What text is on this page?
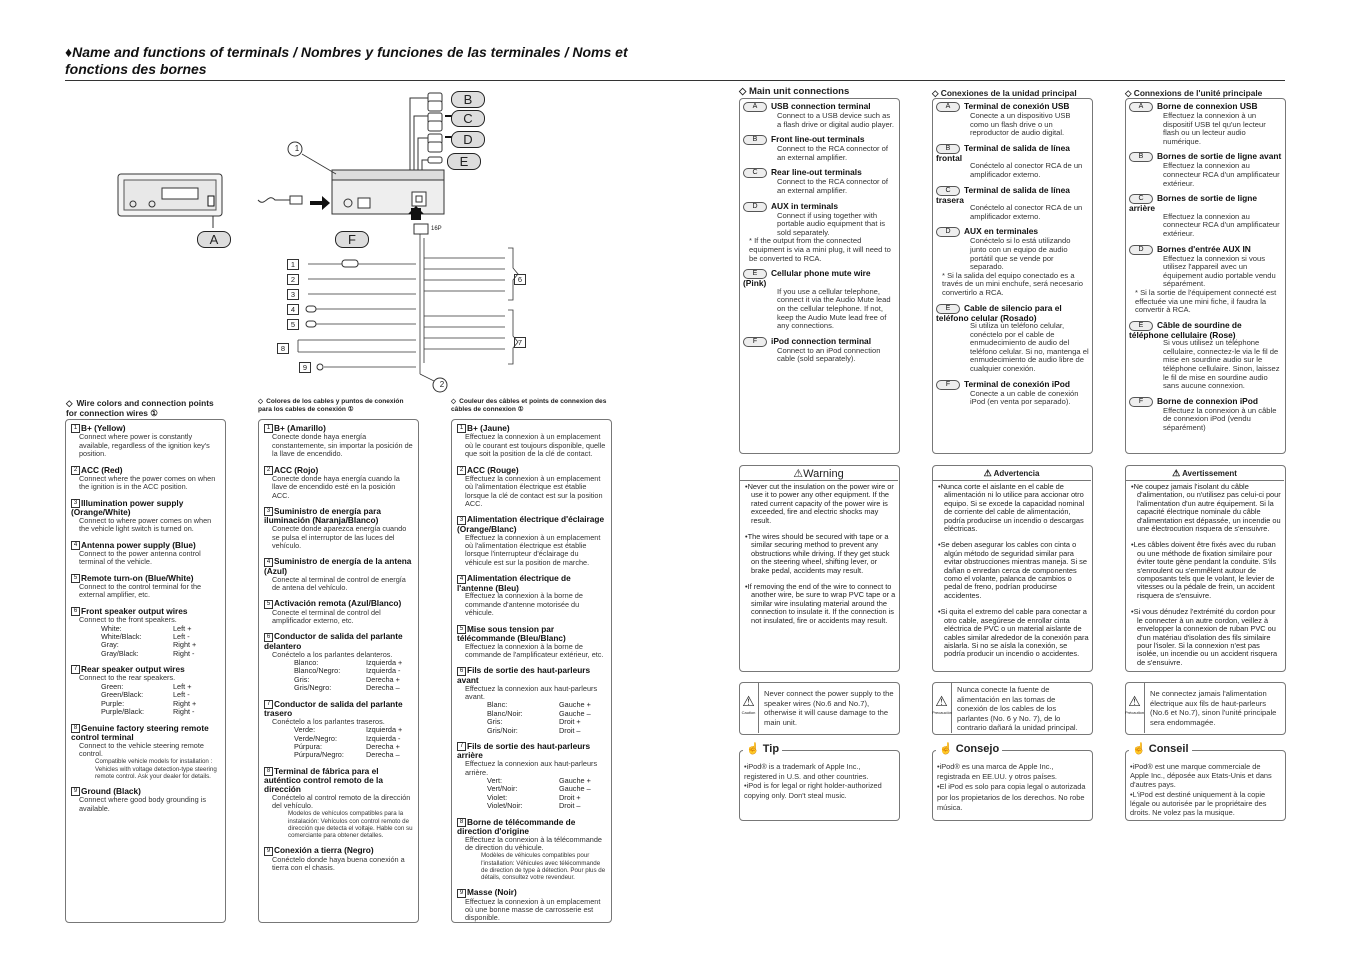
♦Name and functions of terminals / Nombres y funciones de las terminales / Noms et fonctions des bornes
A
B
C
D
E
F
1
2
16P
1
2
3
4
5
6
7
8
9
◇ Wire colors and connection points for connection wires ①
◇ Colores de los cables y puntos de conexión para los cables de conexión ①
◇ Couleur des câbles et points de connexion des câbles de connexion ①
1 B+ (Yellow)
Connect where power is constantly available, regardless of the ignition key's position.
2 ACC (Red)
Connect where the power comes on when the ignition is in the ACC position.
3 Illumination power supply (Orange/White)
Connect to where power comes on when the vehicle light switch is turned on.
4 Antenna power supply (Blue)
Connect to the power antenna control terminal of the vehicle.
5 Remote turn-on (Blue/White)
Connect to the control terminal for the external amplifier, etc.
6 Front speaker output wires
Connect to the front speakers.
White:	Left +
White/Black:	Left -
Gray:	Right +
Gray/Black:	Right -
7 Rear speaker output wires
Connect to the rear speakers.
Green:	Left +
Green/Black:	Left -
Purple:	Right +
Purple/Black:	Right -
8 Genuine factory steering remote control terminal
Connect to the vehicle steering remote control.
Compatible vehicle models for installation : Vehicles with voltage detection-type steering remote control. Ask your dealer for details.
9 Ground (Black)
Connect where good body grounding is available.
1 B+ (Amarillo)
Conecte donde haya energía constantemente, sin importar la posición de la llave de encendido.
2 ACC (Rojo)
Conecte donde haya energía cuando la llave de encendido esté en la posición ACC.
3 Suministro de energía para iluminación (Naranja/Blanco)
Conecte donde aparezca energía cuando se pulsa el interruptor de las luces del vehículo.
4 Suministro de energía de la antena (Azul)
Conecte al terminal de control de energía de antena del vehículo.
5 Activación remota (Azul/Blanco)
Conecte el terminal de control del amplificador externo, etc.
6 Conductor de salida del parlante delantero
Conéctelo a los parlantes delanteros.
Blanco:	Izquierda +
Blanco/Negro:	Izquierda -
Gris:	Derecha +
Gris/Negro:	Derecha –
7 Conductor de salida del parlante trasero
Conéctelo a los parlantes traseros.
Verde:	Izquierda +
Verde/Negro:	Izquierda -
Púrpura:	Derecha +
Púrpura/Negro:	Derecha –
8 Terminal de fábrica para el auténtico control remoto de la dirección
Conéctelo al control remoto de la dirección del vehículo.
Modelos de vehículos compatibles para la instalación: Vehículos con control remoto de dirección que detecta el voltaje. Hable con su comerciante para obtener detalles.
9 Conexión a tierra (Negro)
Conéctelo donde haya buena conexión a tierra con el chasis.
1 B+ (Jaune)
Effectuez la connexion à un emplacement où le courant est toujours disponible, quelle que soit la position de la clé de contact.
2 ACC (Rouge)
Effectuez la connexion à un emplacement où l'alimentation électrique est établie lorsque la clé de contact est sur la position ACC.
3 Alimentation électrique d'éclairage (Orange/Blanc)
Effectuez la connexion à un emplacement où l'alimentation électrique est établie lorsque l'interrupteur d'éclairage du véhicule est sur la position de marche.
4 Alimentation électrique de l'antenne (Bleu)
Effectuez la connexion à la borne de commande d'antenne motorisée du véhicule.
5 Mise sous tension par télécommande (Bleu/Blanc)
Effectuez la connexion à la borne de commande de l'amplificateur extérieur, etc.
6 Fils de sortie des haut-parleurs avant
Effectuez la connexion aux haut-parleurs avant.
Blanc:	Gauche +
Blanc/Noir:	Gauche –
Gris:	Droit +
Gris/Noir:	Droit –
7 Fils de sortie des haut-parleurs arrière
Effectuez la connexion aux haut-parleurs arrière.
Vert:	Gauche +
Vert/Noir:	Gauche –
Violet:	Droit +
Violet/Noir:	Droit –
8 Borne de télécommande de direction d'origine
Effectuez la connexion à la télécommande de direction du véhicule.
Modèles de véhicules compatibles pour l'installation: Véhicules avec télécommande de direction de type à détection. Pour plus de détails, consultez votre revendeur.
9 Masse (Noir)
Effectuez la connexion à un emplacement où une bonne masse de carrosserie est disponible.
◇ Main unit connections	◇ Conexiones de la unidad principal	◇ Connexions de l'unité principale
A USB connection terminal
Connect to a USB device such as a flash drive or digital audio player.
B Front line-out terminals
Connect to the RCA connector of an external amplifier.
C Rear line-out terminals
Connect to the RCA connector of an external amplifier.
D AUX in terminals
Connect if using together with portable audio equipment that is sold separately.
* If the output from the connected equipment is via a mini plug, it will need to be converted to RCA.
E Cellular phone mute wire (Pink)
If you use a cellular telephone, connect it via the Audio Mute lead on the cellular telephone. If not, keep the Audio Mute lead free of any connections.
F iPod connection terminal
Connect to an iPod connection cable (sold separately).
A Terminal de conexión USB
Conecte a un dispositivo USB como un flash drive o un reproductor de audio digital.
B Terminal de salida de línea frontal
Conéctelo al conector RCA de un amplificador externo.
C Terminal de salida de línea trasera
Conéctelo al conector RCA de un amplificador externo.
D AUX en terminales
Conéctelo si lo está utilizando junto con un equipo de audio portátil que se vende por separado.
* Si la salida del equipo conectado es a través de un mini enchufe, será necesario convertirlo a RCA.
E Cable de silencio para el teléfono celular (Rosado)
Si utiliza un teléfono celular, conéctelo por el cable de enmudecimiento de audio del teléfono celular. Si no, mantenga el enmudecimiento de audio libre de cualquier conexión.
F Terminal de conexión iPod
Conecte a un cable de conexión iPod (en venta por separado).
A Borne de connexion USB
Effectuez la connexion à un dispositif USB tel qu'un lecteur flash ou un lecteur audio numérique.
B Bornes de sortie de ligne avant
Effectuez la connexion au connecteur RCA d'un amplificateur extérieur.
C Bornes de sortie de ligne arrière
Effectuez la connexion au connecteur RCA d'un amplificateur extérieur.
D Bornes d'entrée AUX IN
Effectuez la connexion si vous utilisez l'appareil avec un équipement audio portable vendu séparément.
* Si la sortie de l'équipement connecté est effectuée via une mini fiche, il faudra la convertir à RCA.
E Câble de sourdine de téléphone cellulaire (Rose)
Si vous utilisez un téléphone cellulaire, connectez-le via le fil de mise en sourdine audio sur le téléphone cellulaire. Sinon, laissez le fil de mise en sourdine audio sans aucune connexion.
F Borne de connexion iPod
Effectuez la connexion à un câble de connexion iPod (vendu séparément)
⚠Warning	⚠ Advertencia	⚠ Avertissement
• Never cut the insulation on the power wire or use it to power any other equipment. If the rated current capacity of the power wire is exceeded, fire and electric shocks may result.
• The wires should be secured with tape or a similar securing method to prevent any obstructions while driving. If they get stuck on the steering wheel, shifting lever, or brake pedal, accidents may result.
• If removing the end of the wire to connect to another wire, be sure to wrap PVC tape or a similar wire insulating material around the connection to insulate it. If the connection is not insulated, fire or accidents may result.
• Nunca corte el aislante en el cable de alimentación ni lo utilice para accionar otro equipo. Si se excede la capacidad nominal de corriente del cable de alimentación, podría producirse un incendio o descargas eléctricas.
• Se deben asegurar los cables con cinta o algún método de seguridad similar para evitar obstrucciones mientras maneja. Si se dañan o enredan cerca de componentes como el volante, palanca de cambios o pedal de freno, podrían producirse accidentes.
• Si quita el extremo del cable para conectar a otro cable, asegúrese de enrollar cinta eléctrica de PVC o un material aislante de cables similar alrededor de la conexión para aislarla. Si no se aísla la conexión, se podría producir un incendio o accidentes.
• Ne coupez jamais l'isolant du câble d'alimentation, ou n'utilisez pas celui-ci pour l'alimentation d'un autre équipement. Si la capacité électrique nominale du câble d'alimentation est dépassée, un incendie ou une électrocution risquera de s'ensuivre.
• Les câbles doivent être fixés avec du ruban ou une méthode de fixation similaire pour éviter toute gène pendant la conduite. S'ils s'enroulent ou s'emmêlent autour de composants tels que le volant, le levier de vitesses ou la pédale de frein, un accident risquera de s'ensuivre.
• Si vous dénudez l'extrémité du cordon pour le connecter à un autre cordon, veillez à envelopper la connexion de ruban PVC ou d'un matériau d'isolation des fils similaire pour l'isoler. Si la connexion n'est pas isolée, un incendie ou un accident risquera de s'ensuivre.
⚠
Caution
⚠
Precaución
⚠
Précaution
Never connect the power supply to the speaker wires (No.6 and No.7), otherwise it will cause damage to the main unit.
Nunca conecte la fuente de alimentación en las tomas de conexión de los cables de los parlantes (No. 6 y No. 7), de lo contrario dañará la unidad principal.
Ne connectez jamais l'alimentation électrique aux fils de haut-parleurs (No.6 et No.7), sinon l'unité principale sera endommagée.
☝ Tip	☝ Consejo	☝ Conseil
•iPod® is a trademark of Apple Inc., registered in U.S. and other countries.
•iPod is for legal or right holder-authorized copying only. Don't steal music.
•iPod® es una marca de Apple Inc., registrada en EE.UU. y otros países.
•El iPod es solo para copia legal o autorizada por los propietarios de los derechos. No robe música.
•iPod® est une marque commerciale de Apple Inc., déposée aux Etats-Unis et dans d'autres pays.
•L'iPod est destiné uniquement à la copie légale ou autorisée par le propriétaire des droits. Ne volez pas la musique.
